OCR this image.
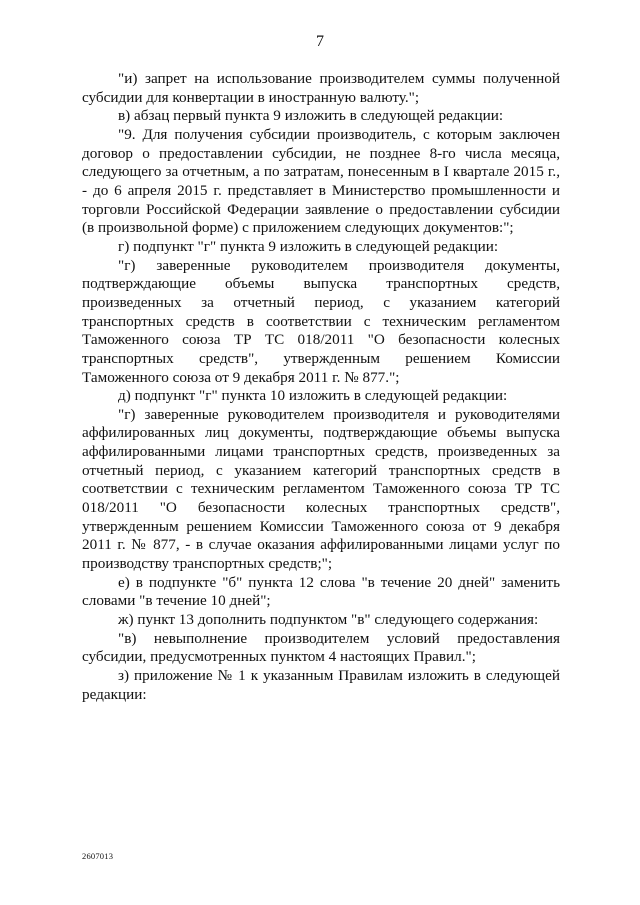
7

"и) запрет на использование производителем суммы полученной субсидии для конвертации в иностранную валюту.";

в) абзац первый пункта 9 изложить в следующей редакции:

"9. Для получения субсидии производитель, с которым заключен договор о предоставлении субсидии, не позднее 8-го числа месяца, следующего за отчетным, а по затратам, понесенным в I квартале 2015 г., - до 6 апреля 2015 г. представляет в Министерство промышленности и торговли Российской Федерации заявление о предоставлении субсидии (в произвольной форме) с приложением следующих документов:";

г) подпункт "г" пункта 9 изложить в следующей редакции:

"г) заверенные руководителем производителя документы, подтверждающие объемы выпуска транспортных средств, произведенных за отчетный период, с указанием категорий транспортных средств в соответствии с техническим регламентом Таможенного союза ТР ТС 018/2011 "О безопасности колесных транспортных средств", утвержденным решением Комиссии Таможенного союза от 9 декабря 2011 г. № 877.";

д) подпункт "г" пункта 10 изложить в следующей редакции:

"г) заверенные руководителем производителя и руководителями аффилированных лиц документы, подтверждающие объемы выпуска аффилированными лицами транспортных средств, произведенных за отчетный период, с указанием категорий транспортных средств в соответствии с техническим регламентом Таможенного союза ТР ТС 018/2011 "О безопасности колесных транспортных средств", утвержденным решением Комиссии Таможенного союза от 9 декабря 2011 г. № 877, - в случае оказания аффилированными лицами услуг по производству транспортных средств;";

е) в подпункте "б" пункта 12 слова "в течение 20 дней" заменить словами "в течение 10 дней";

ж) пункт 13 дополнить подпунктом "в" следующего содержания:

"в) невыполнение производителем условий предоставления субсидии, предусмотренных пунктом 4 настоящих Правил.";

з) приложение № 1 к указанным Правилам изложить в следующей редакции:

2607013
